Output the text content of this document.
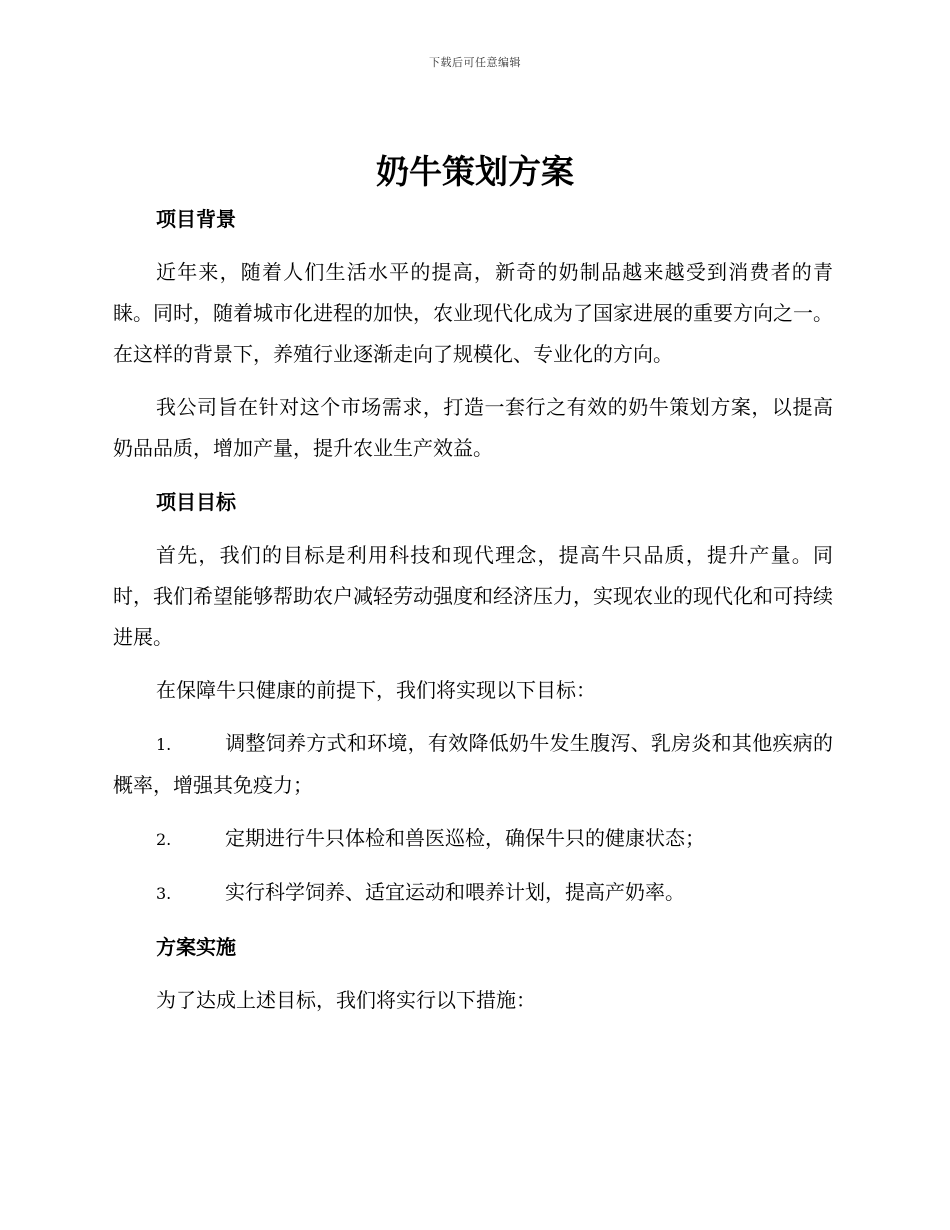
下载后可任意编辑
奶牛策划方案
项目背景

近年来，随着人们生活水平的提高，新奇的奶制品越来越受到消费者的青睐。同时，随着城市化进程的加快，农业现代化成为了国家进展的重要方向之一。在这样的背景下，养殖行业逐渐走向了规模化、专业化的方向。

我公司旨在针对这个市场需求，打造一套行之有效的奶牛策划方案，以提高奶品品质，增加产量，提升农业生产效益。

项目目标

首先，我们的目标是利用科技和现代理念，提高牛只品质，提升产量。同时，我们希望能够帮助农户减轻劳动强度和经济压力，实现农业的现代化和可持续进展。

在保障牛只健康的前提下，我们将实现以下目标：

1.	调整饲养方式和环境，有效降低奶牛发生腹泻、乳房炎和其他疾病的概率，增强其免疫力；

2.	定期进行牛只体检和兽医巡检，确保牛只的健康状态；

3.	实行科学饲养、适宜运动和喂养计划，提高产奶率。

方案实施

为了达成上述目标，我们将实行以下措施：
